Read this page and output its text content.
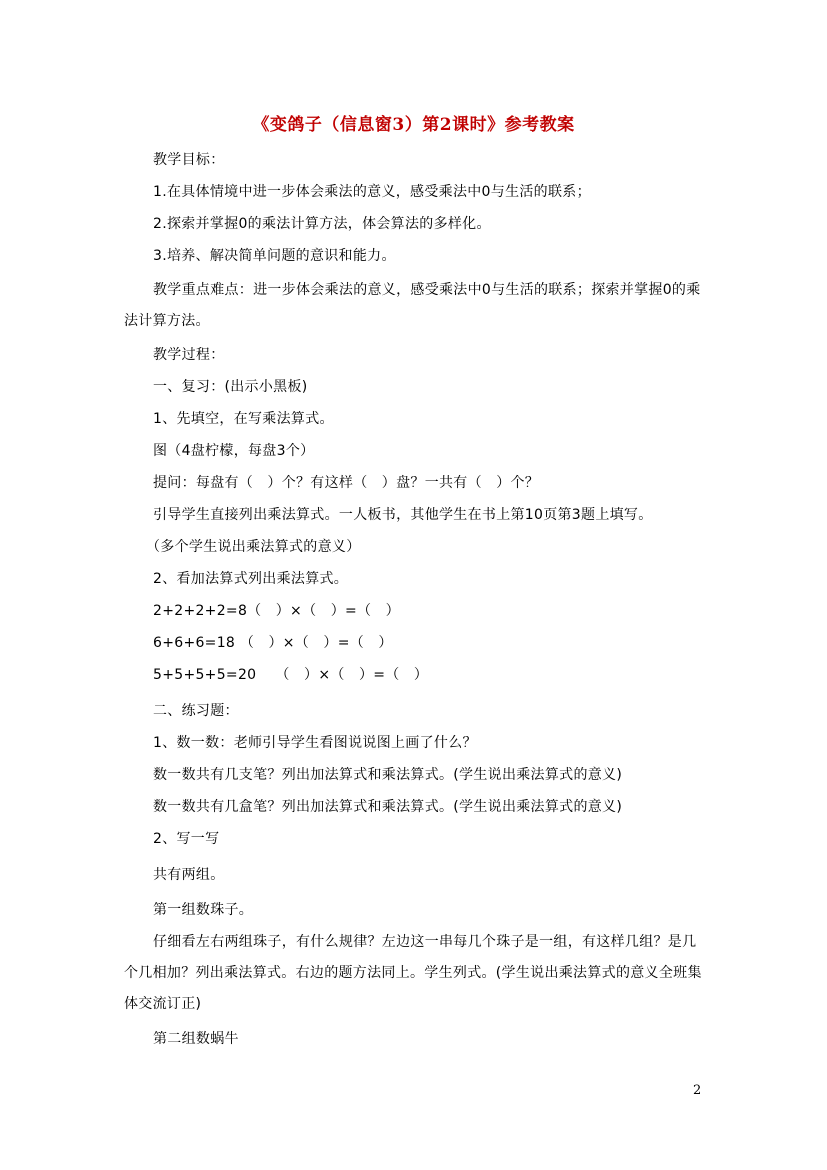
《变鸽子（信息窗3）第2课时》参考教案
教学目标：
1.在具体情境中进一步体会乘法的意义，感受乘法中0与生活的联系；
2.探索并掌握0的乘法计算方法，体会算法的多样化。
3.培养、解决简单问题的意识和能力。
教学重点难点：进一步体会乘法的意义，感受乘法中0与生活的联系；探索并掌握0的乘法计算方法。
教学过程：
一、复习：(出示小黑板)
1、先填空，在写乘法算式。
图（4盘柠檬，每盘3个）
提问：每盘有（　）个？有这样（　）盘？一共有（　）个？
引导学生直接列出乘法算式。一人板书，其他学生在书上第10页第3题上填写。
（多个学生说出乘法算式的意义）
2、看加法算式列出乘法算式。
2+2+2+2=8（　）×（　）=（　）
6+6+6=18 （　）×（　）=（　）
5+5+5+5=20　 （　）×（　）=（　）
二、练习题：
1、数一数：老师引导学生看图说说图上画了什么？
数一数共有几支笔？列出加法算式和乘法算式。(学生说出乘法算式的意义)
数一数共有几盒笔？列出加法算式和乘法算式。(学生说出乘法算式的意义)
2、写一写
共有两组。
第一组数珠子。
仔细看左右两组珠子，有什么规律？左边这一串每几个珠子是一组，有这样几组？是几个几相加？列出乘法算式。右边的题方法同上。学生列式。(学生说出乘法算式的意义全班集体交流订正)
第二组数蜗牛
2
